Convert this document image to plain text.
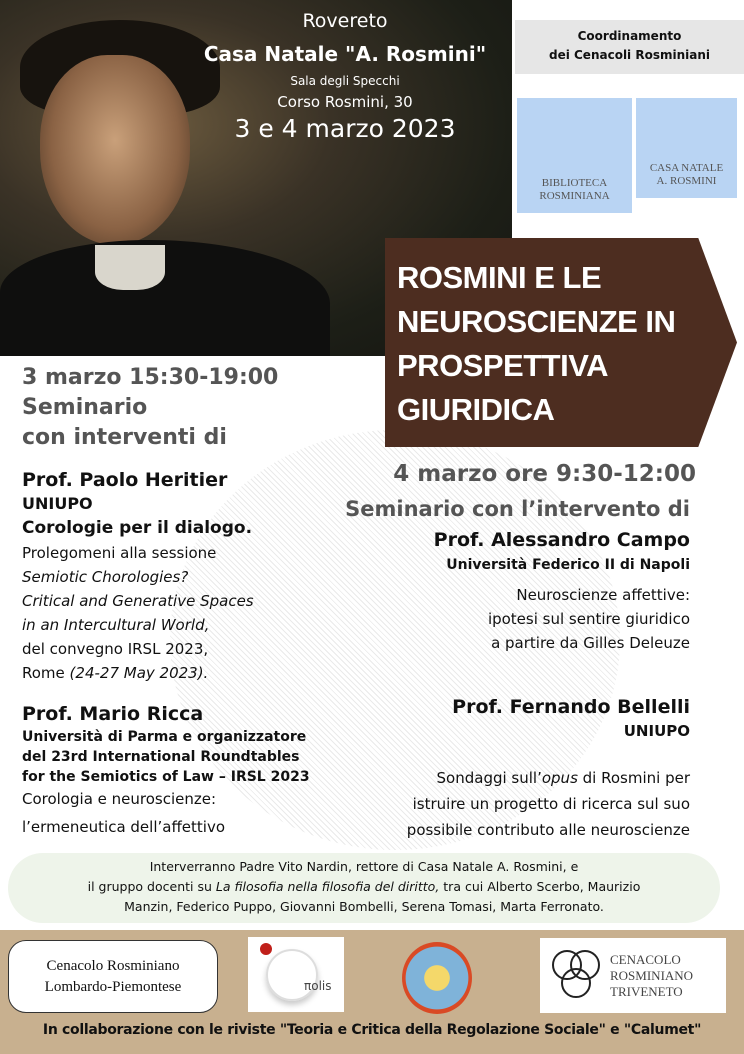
Rovereto
Casa Natale "A. Rosmini"
Sala degli Specchi
Corso Rosmini, 30
3 e 4 marzo 2023
Coordinamento
dei Cenacoli Rosminiani
BIBLIOTECA
ROSMINIANA
CASA NATALE
A. ROSMINI
ROSMINI E LE
NEUROSCIENZE IN
PROSPETTIVA
GIURIDICA
3 marzo 15:30-19:00
Seminario
con interventi di
Prof. Paolo Heritier
UNIUPO
Corologie per il dialogo.
Prolegomeni alla sessione
Semiotic Chorologies?
Critical and Generative Spaces
in an Intercultural World,
del convegno IRSL 2023,
Rome (24-27 May 2023).
Prof. Mario Ricca
Università di Parma e organizzatore
del 23rd International Roundtables
for the Semiotics of Law – IRSL 2023
Corologia e neuroscienze:
l’ermeneutica dell’affettivo
4 marzo ore 9:30-12:00
Seminario con l’intervento di
Prof. Alessandro Campo
Università Federico II di Napoli
Neuroscienze affettive:
ipotesi sul sentire giuridico
a partire da Gilles Deleuze
Prof. Fernando Bellelli
UNIUPO
Sondaggi sull’opus di Rosmini per
istruire un progetto di ricerca sul suo
possibile contributo alle neuroscienze
Interverranno Padre Vito Nardin, rettore di Casa Natale A. Rosmini, e
il gruppo docenti su La filosofia nella filosofia del diritto, tra cui Alberto Scerbo, Maurizio
Manzin, Federico Puppo, Giovanni Bombelli, Serena Tomasi, Marta Ferronato.
Cenacolo Rosminiano
Lombardo-Piemontese	πolis
CENACOLO
ROSMINIANO
TRIVENETO
In collaborazione con le riviste "Teoria e Critica della Regolazione Sociale" e "Calumet"
